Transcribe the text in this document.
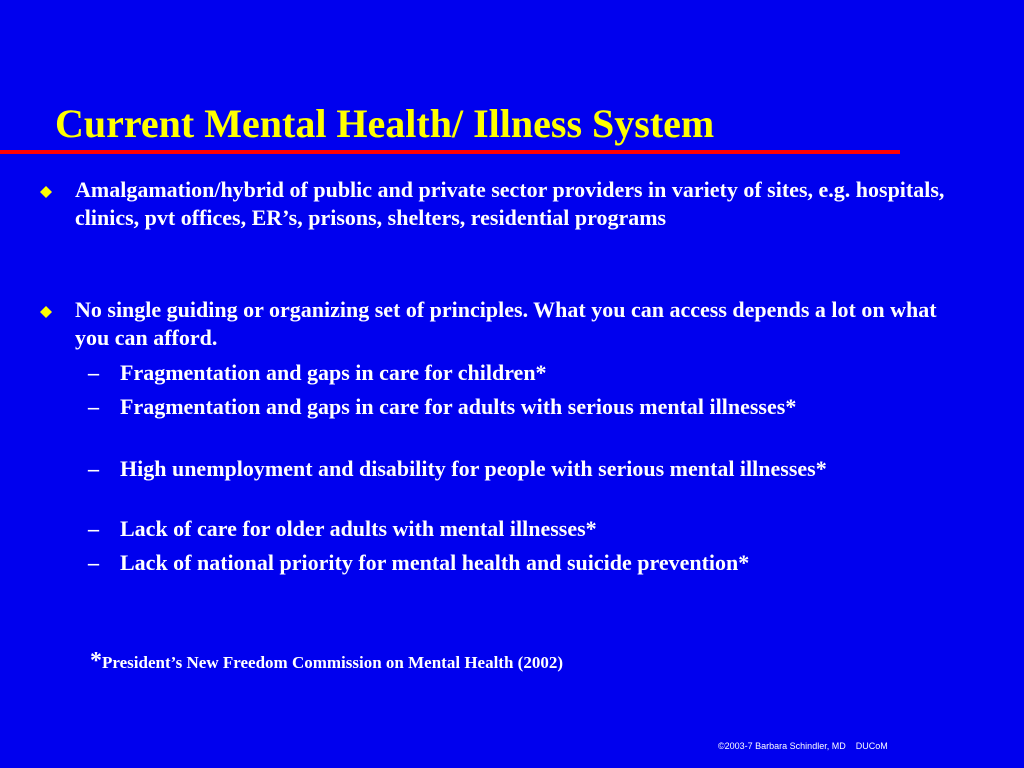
Current Mental Health/ Illness System
Amalgamation/hybrid of public and private sector providers in variety of sites, e.g. hospitals, clinics, pvt offices, ER’s, prisons, shelters, residential programs
No single guiding or organizing set of principles. What you can access depends a lot on what you can afford.
– Fragmentation and gaps in care for children*
– Fragmentation and gaps in care for adults with serious mental illnesses*
– High unemployment and disability for people with serious mental illnesses*
– Lack of care for older adults with mental illnesses*
– Lack of national priority for mental health and suicide prevention*
*President’s New Freedom Commission on Mental Health (2002)
©2003-7 Barbara Schindler, MD    DUCoM
